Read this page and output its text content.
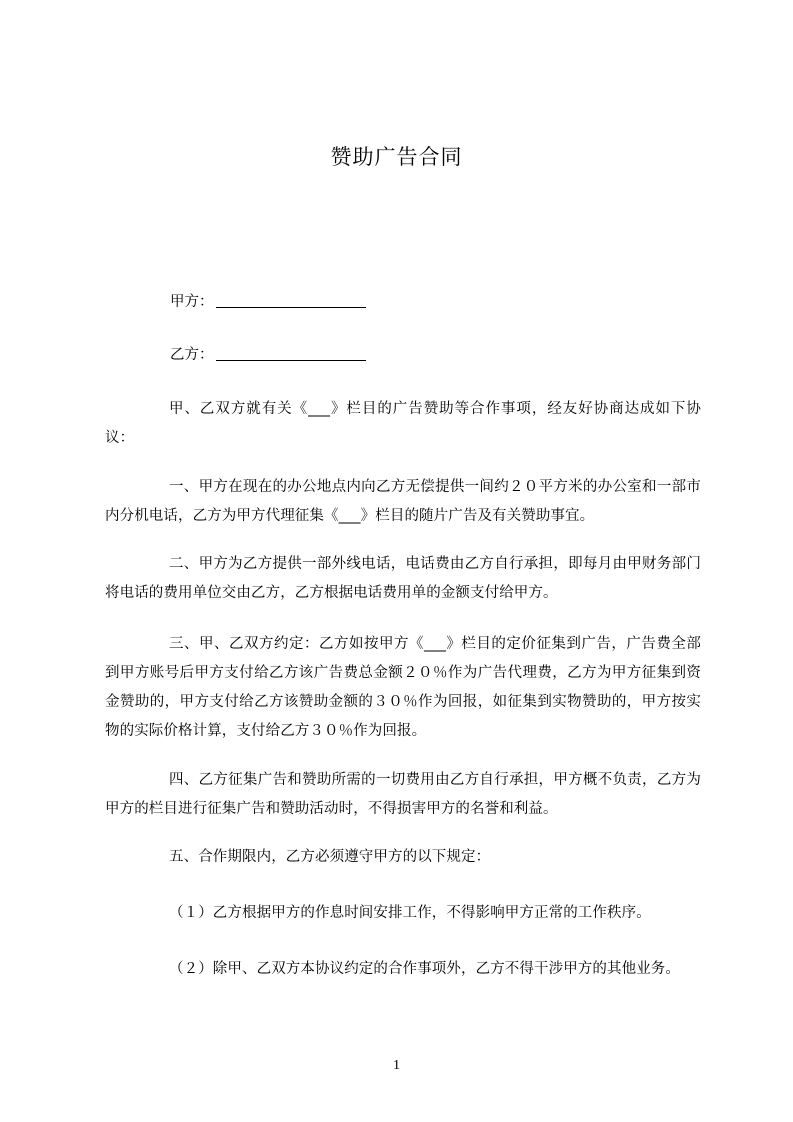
赞助广告合同
甲方：
乙方：

甲、乙双方就有关《___》栏目的广告赞助等合作事项，经友好协商达成如下协议：

一、甲方在现在的办公地点内向乙方无偿提供一间约２０平方米的办公室和一部市内分机电话，乙方为甲方代理征集《___》栏目的随片广告及有关赞助事宜。

二、甲方为乙方提供一部外线电话，电话费由乙方自行承担，即每月由甲财务部门将电话的费用单位交由乙方，乙方根据电话费用单的金额支付给甲方。

三、甲、乙双方约定：乙方如按甲方《___》栏目的定价征集到广告，广告费全部到甲方账号后甲方支付给乙方该广告费总金额２０％作为广告代理费，乙方为甲方征集到资金赞助的，甲方支付给乙方该赞助金额的３０％作为回报，如征集到实物赞助的，甲方按实物的实际价格计算，支付给乙方３０％作为回报。

四、乙方征集广告和赞助所需的一切费用由乙方自行承担，甲方概不负责，乙方为甲方的栏目进行征集广告和赞助活动时，不得损害甲方的名誉和利益。

五、合作期限内，乙方必须遵守甲方的以下规定：

（１）乙方根据甲方的作息时间安排工作，不得影响甲方正常的工作秩序。

（２）除甲、乙双方本协议约定的合作事项外，乙方不得干涉甲方的其他业务。

1
